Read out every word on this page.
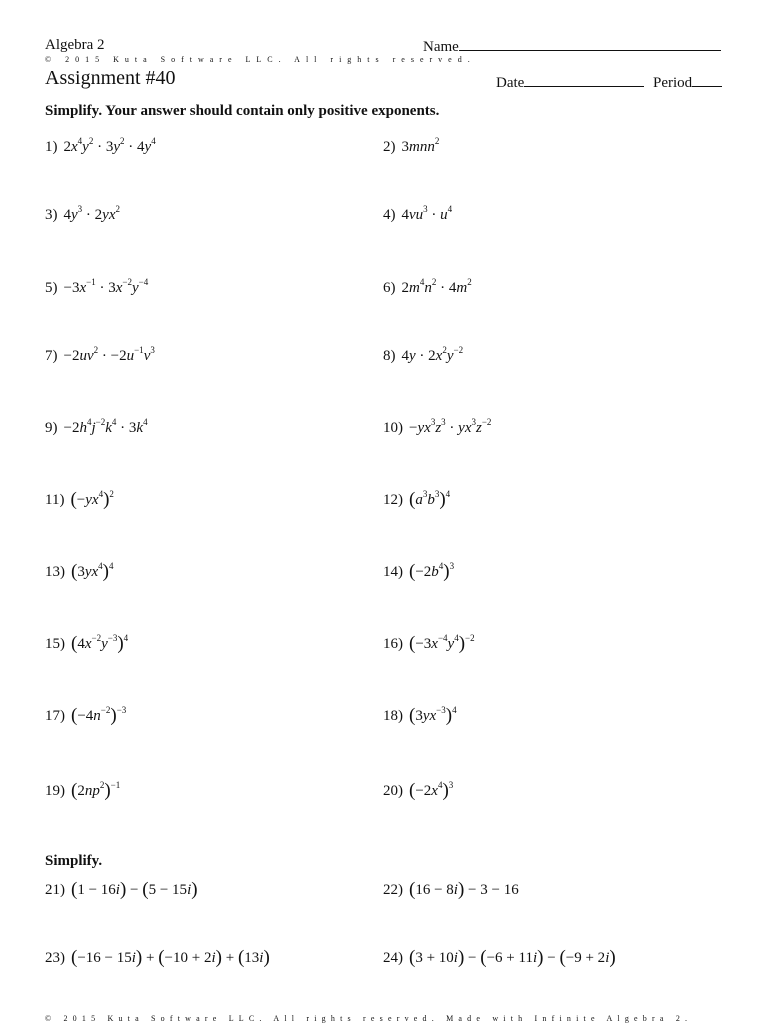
Algebra 2
© 2015 Kuta Software LLC. All rights reserved.
Assignment #40
Name
Date	Period
Simplify. Your answer should contain only positive exponents.
Simplify.
1) $2x^4y^2 \cdot 3y^2 \cdot 4y^4$	2) 3mnn$^2$
3) $4y^3 \cdot 2yx^2$	4) $4vu^3 \cdot u^4$
$5) -3x^{-1} \cdot 3x^{-2}y^{-4}$	6) $2m^4n^2 \cdot 4m^2$
$7) -2uv^2 \cdot -2u^{-1}v^3$	8) $4y \cdot 2x^2y^{-2}$
$9) -2h^4j^{-2}k^4 \cdot 3k^4$	$10) -yx^3z^3 \cdot yx^3z^{-2}$
11) $(-yx^4)^2$	12) $(a^3b^3)^4$
13) $(3yx^4)^4$	14) $(-2b^4)^3$
15) $(4x^{-2}y^{-3})^4$	16) $(-3x^{-4}y^4)^{-2}$
17) $(-4n^{-2})^{-3}$	18) $(3yx^{-3})^4$
19) $(2np^2)^{-1}$	20) $(-2x^4)^3$
21) (1 − 16i) − (5 − 15i)	22) (16 − 8i) − 3 − 16
23) (−16 − 15i) + (−10 + 2i) + (13i)	24) (3 + 10i) − (−6 + 11i) − (−9 + 2i)
© 2015 Kuta Software LLC. All rights reserved. Made with Infinite Algebra 2.
